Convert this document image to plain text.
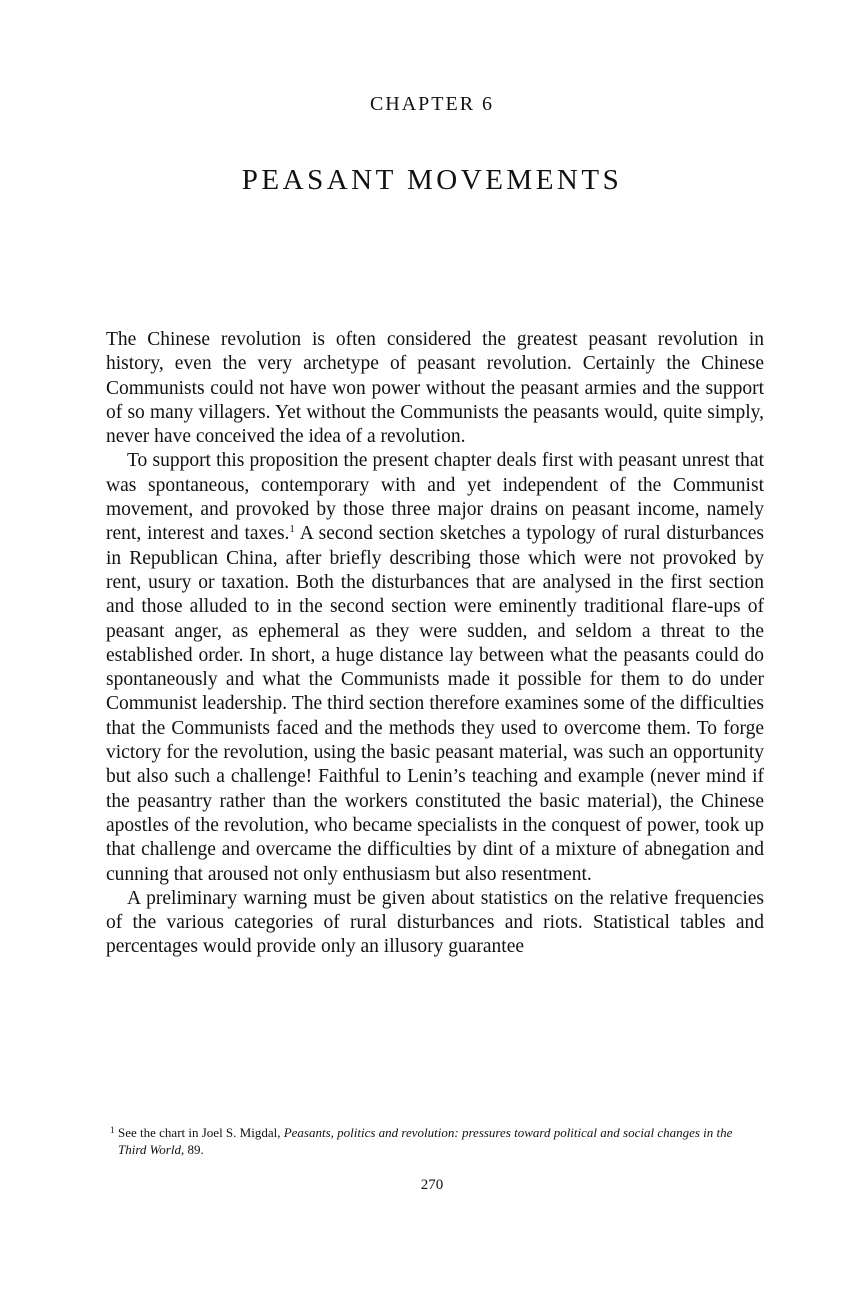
CHAPTER 6
PEASANT MOVEMENTS

The Chinese revolution is often considered the greatest peasant revolution in history, even the very archetype of peasant revolution. Certainly the Chinese Communists could not have won power without the peasant armies and the support of so many villagers. Yet without the Communists the peasants would, quite simply, never have conceived the idea of a revolution.

To support this proposition the present chapter deals first with peasant unrest that was spontaneous, contemporary with and yet independent of the Communist movement, and provoked by those three major drains on peasant income, namely rent, interest and taxes.$^1$ A second section sketches a typology of rural disturbances in Republican China, after briefly describing those which were not provoked by rent, usury or taxation. Both the disturbances that are analysed in the first section and those alluded to in the second section were eminently traditional flare-ups of peasant anger, as ephemeral as they were sudden, and seldom a threat to the established order. In short, a huge distance lay between what the peasants could do spontaneously and what the Communists made it possible for them to do under Communist leadership. The third section therefore examines some of the difficulties that the Communists faced and the methods they used to overcome them. To forge victory for the revolution, using the basic peasant material, was such an opportunity but also such a challenge! Faithful to Lenin’s teaching and example (never mind if the peasantry rather than the workers constituted the basic material), the Chinese apostles of the revolution, who became specialists in the conquest of power, took up that challenge and overcame the difficulties by dint of a mixture of abnegation and cunning that aroused not only enthusiasm but also resentment.

A preliminary warning must be given about statistics on the relative frequencies of the various categories of rural disturbances and riots. Statistical tables and percentages would provide only an illusory guarantee

1 See the chart in Joel S. Migdal, Peasants, politics and revolution: pressures toward political and social changes in the Third World, 89.
270
